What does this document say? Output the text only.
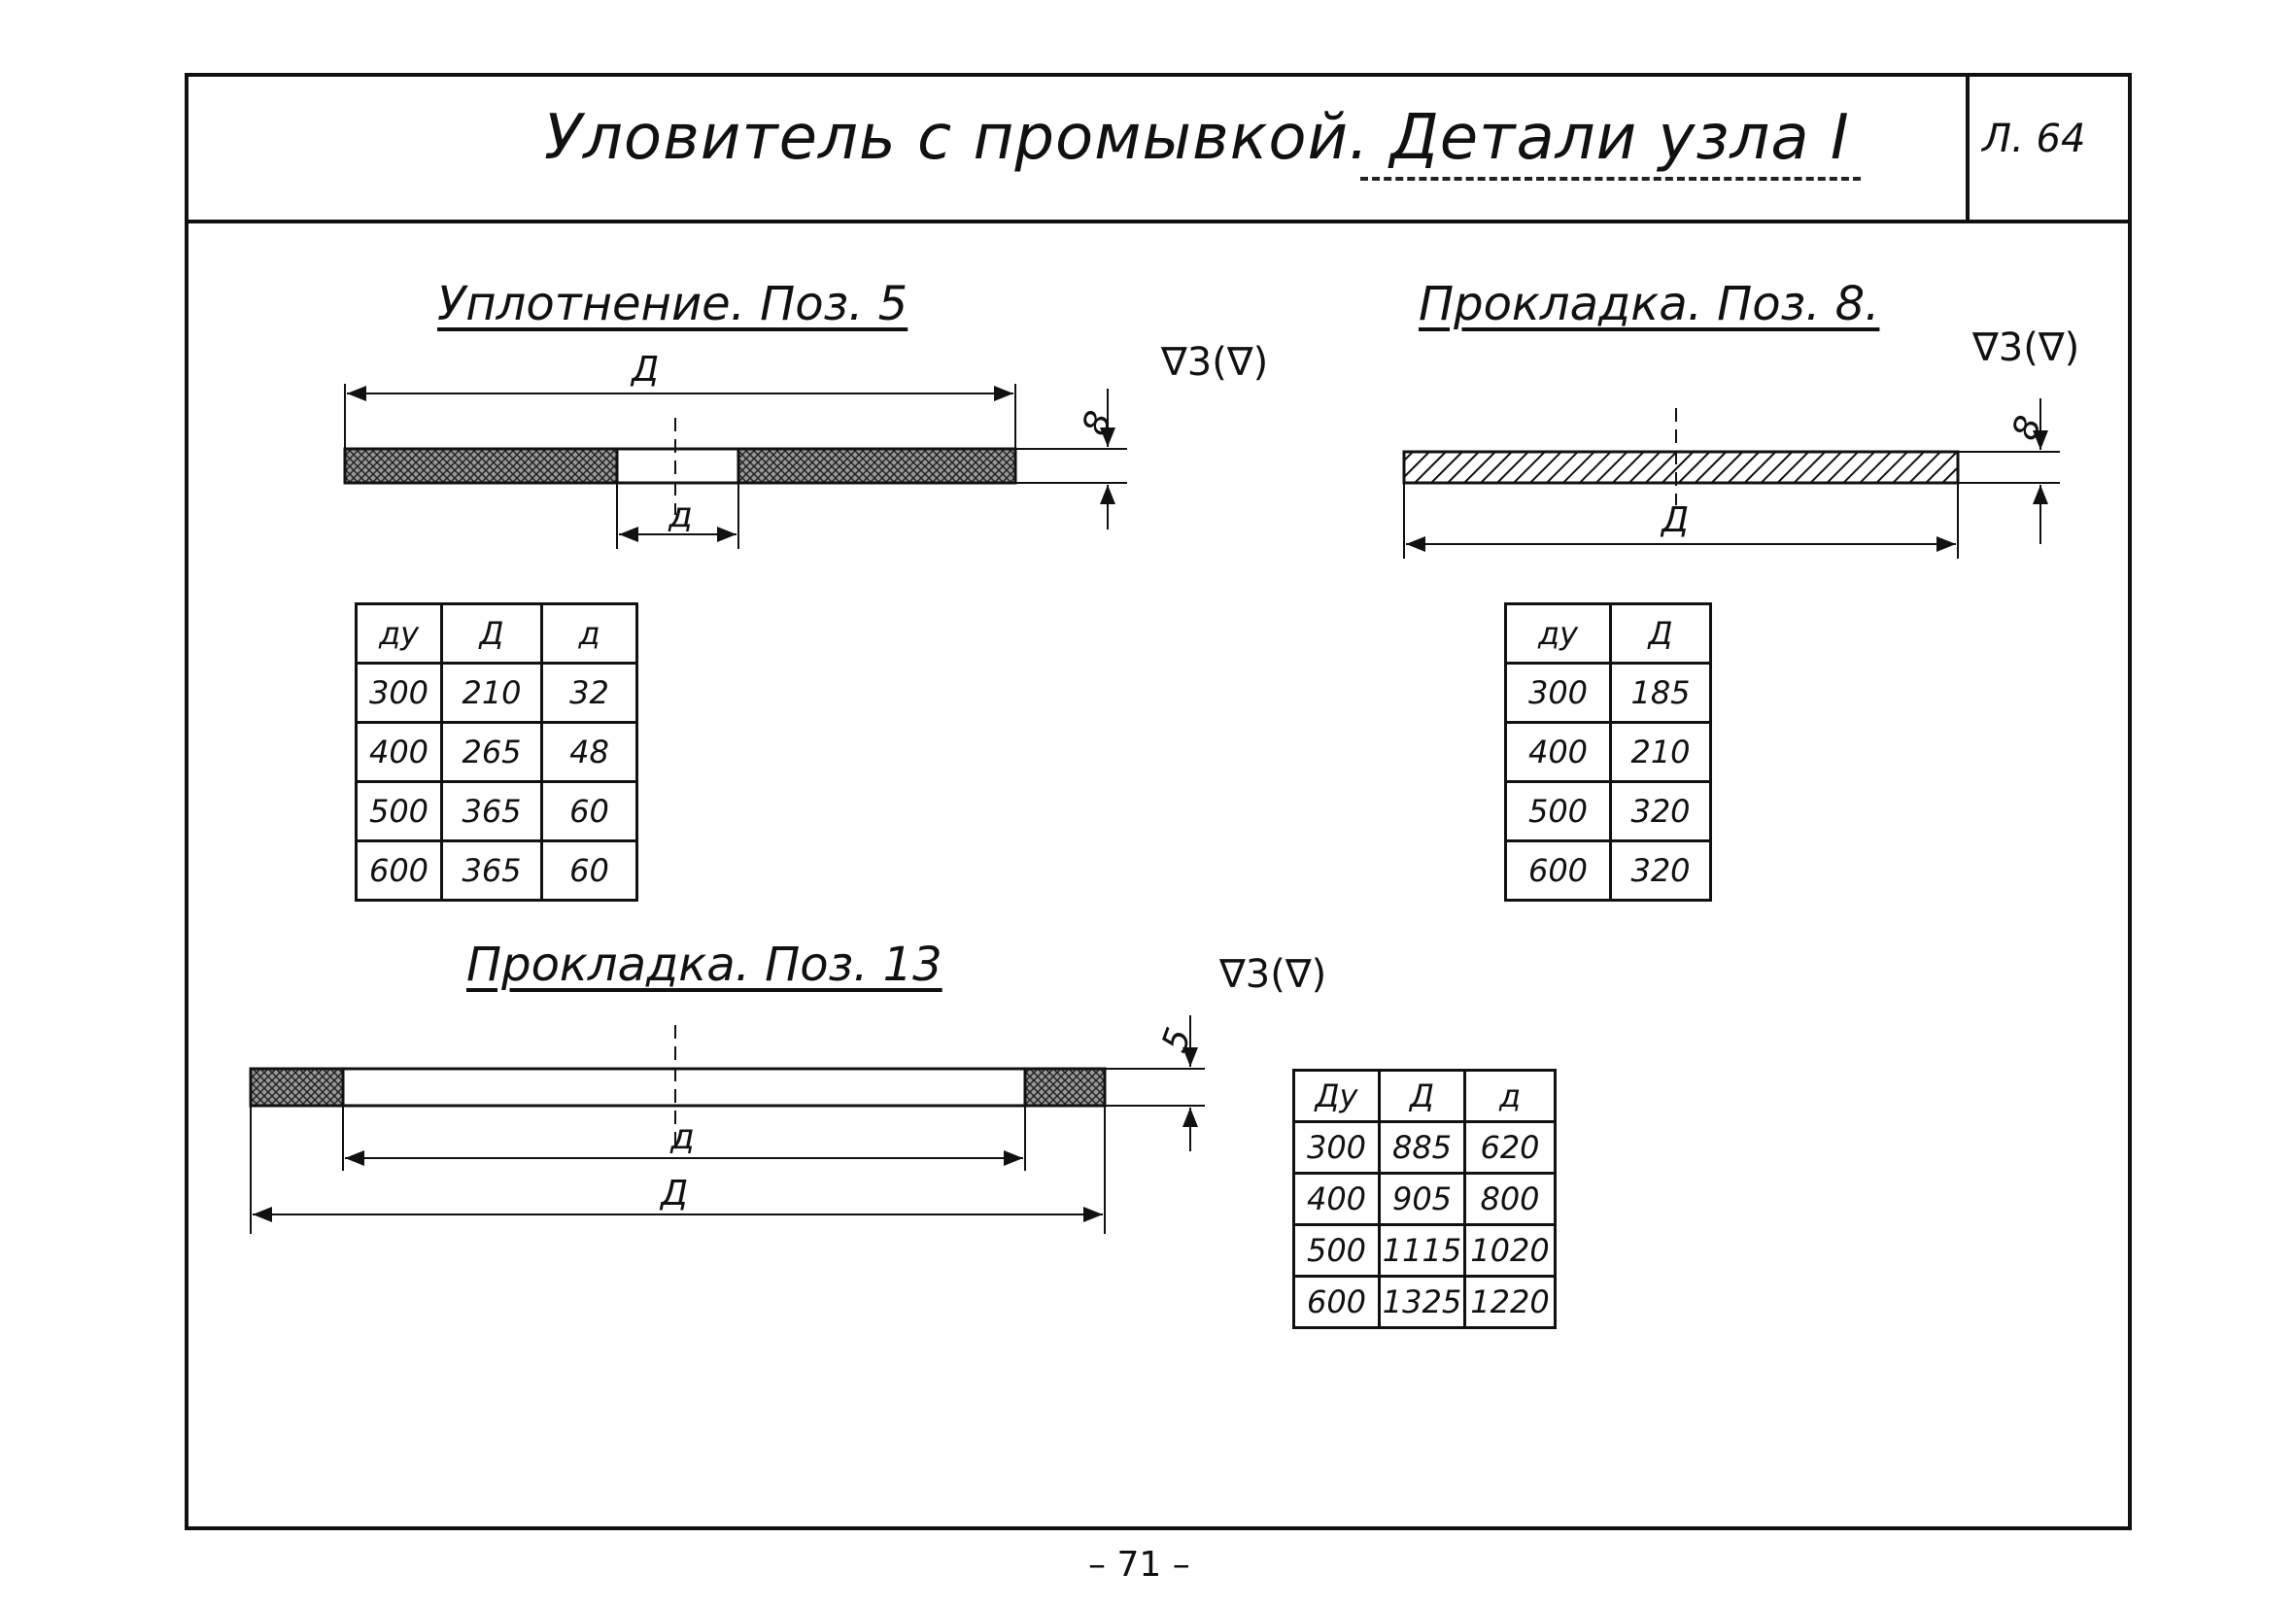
Уловитель с промывкой. Детали узла I	Л. 64
Уплотнение. Поз. 5
∇3(∇)
Прокладка. Поз. 8.
∇3(∇)
Прокладка. Поз. 13	∇3(∇)
Д
д
8
Д
8
д
Д
5
ду	Д	д
300	210	32
400	265	48
500	365	60
600	365	60
ду	Д
300	185
400	210
500	320
600	320
Ду	Д	д
300	885	620
400	905	800
500	1115	1020
600	1325	1220
– 71 –
